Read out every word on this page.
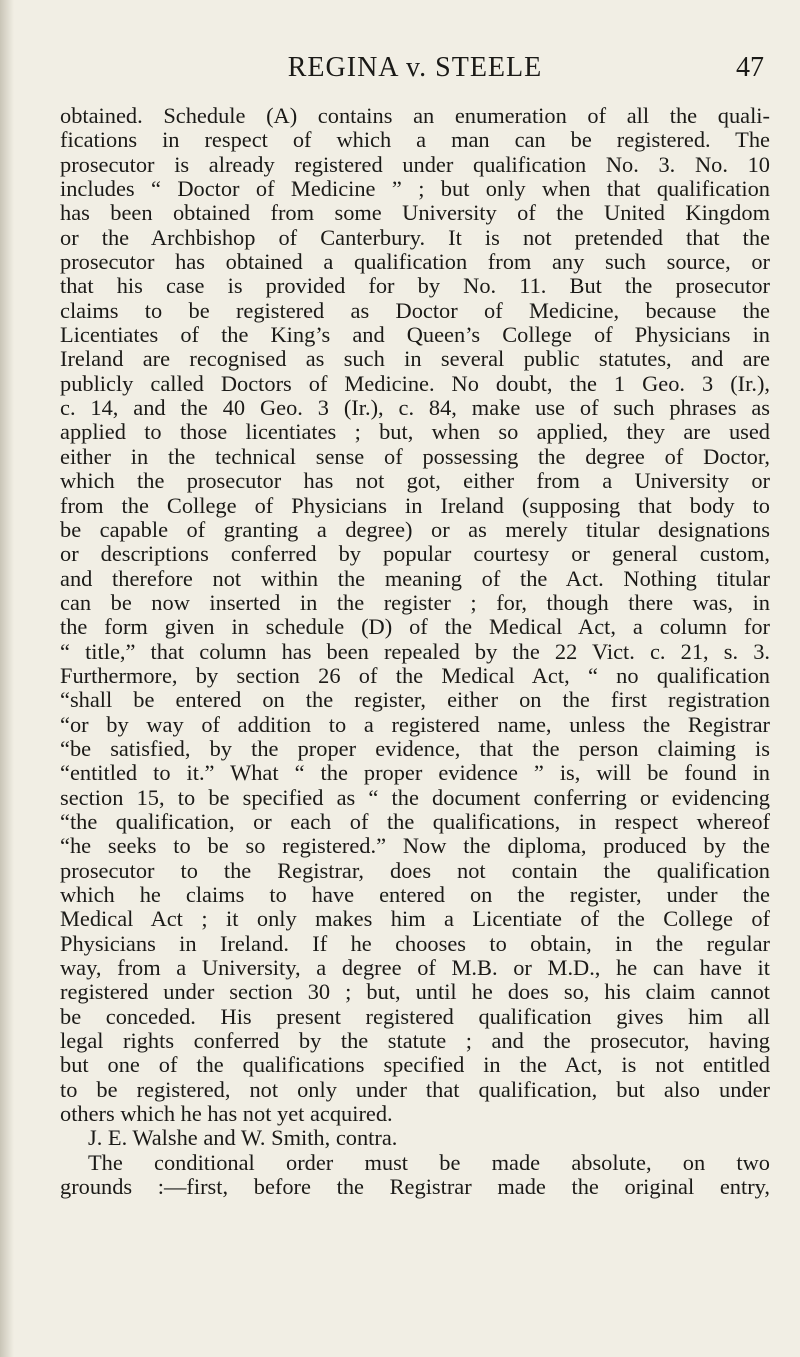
REGINA v. STEELE	47
obtained. Schedule (A) contains an enumeration of all the quali-
fications in respect of which a man can be registered. The
prosecutor is already registered under qualification No. 3. No. 10
includes “ Doctor of Medicine ” ; but only when that qualification
has been obtained from some University of the United Kingdom
or the Archbishop of Canterbury. It is not pretended that the
prosecutor has obtained a qualification from any such source, or
that his case is provided for by No. 11. But the prosecutor
claims to be registered as Doctor of Medicine, because the
Licentiates of the King’s and Queen’s College of Physicians in
Ireland are recognised as such in several public statutes, and are
publicly called Doctors of Medicine. No doubt, the 1 Geo. 3 (Ir.),
c. 14, and the 40 Geo. 3 (Ir.), c. 84, make use of such phrases as
applied to those licentiates ; but, when so applied, they are used
either in the technical sense of possessing the degree of Doctor,
which the prosecutor has not got, either from a University or
from the College of Physicians in Ireland (supposing that body to
be capable of granting a degree) or as merely titular designations
or descriptions conferred by popular courtesy or general custom,
and therefore not within the meaning of the Act. Nothing titular
can be now inserted in the register ; for, though there was, in
the form given in schedule (D) of the Medical Act, a column for
“ title,” that column has been repealed by the 22 Vict. c. 21, s. 3.
Furthermore, by section 26 of the Medical Act, “ no qualification
“shall be entered on the register, either on the first registration
“or by way of addition to a registered name, unless the Registrar
“be satisfied, by the proper evidence, that the person claiming is
“entitled to it.” What “ the proper evidence ” is, will be found in
section 15, to be specified as “ the document conferring or evidencing
“the qualification, or each of the qualifications, in respect whereof
“he seeks to be so registered.” Now the diploma, produced by the
prosecutor to the Registrar, does not contain the qualification
which he claims to have entered on the register, under the
Medical Act ; it only makes him a Licentiate of the College of
Physicians in Ireland. If he chooses to obtain, in the regular
way, from a University, a degree of M.B. or M.D., he can have it
registered under section 30 ; but, until he does so, his claim cannot
be conceded. His present registered qualification gives him all
legal rights conferred by the statute ; and the prosecutor, having
but one of the qualifications specified in the Act, is not entitled
to be registered, not only under that qualification, but also under
others which he has not yet acquired.
J. E. Walshe and W. Smith, contra.
The conditional order must be made absolute, on two
grounds :—first, before the Registrar made the original entry,
